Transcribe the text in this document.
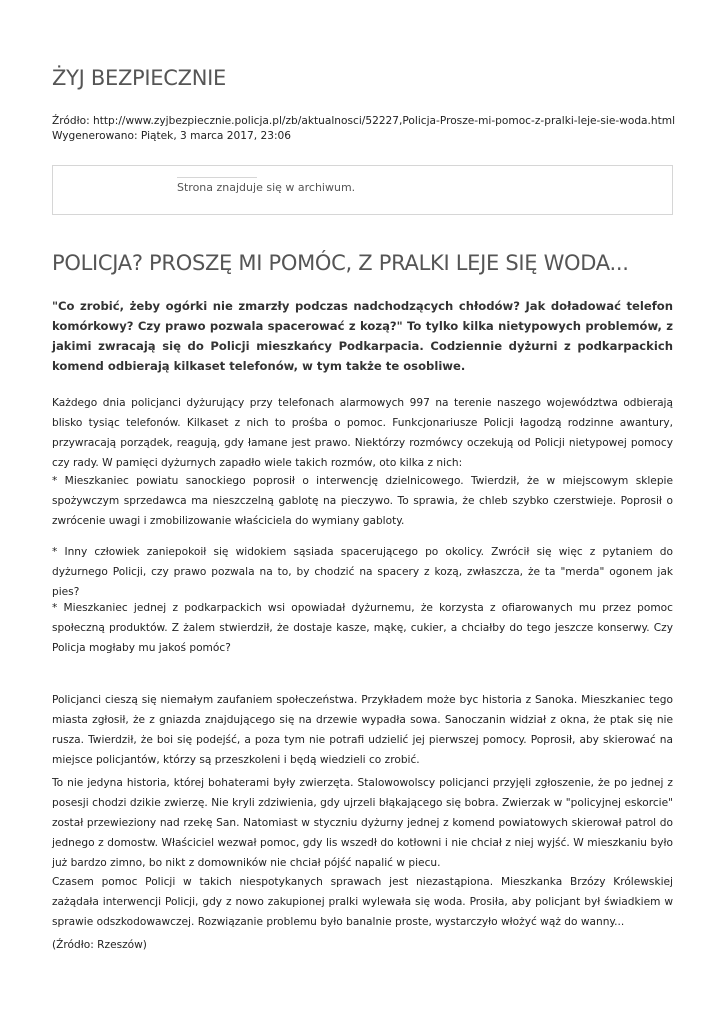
ŻYJ BEZPIECZNIE
Źródło: http://www.zyjbezpiecznie.policja.pl/zb/aktualnosci/52227,Policja-Prosze-mi-pomoc-z-pralki-leje-sie-woda.html
Wygenerowano: Piątek, 3 marca 2017, 23:06
Strona znajduje się w archiwum.
POLICJA? PROSZĘ MI POMÓC, Z PRALKI LEJE SIĘ WODA...

"Co zrobić, żeby ogórki nie zmarzły podczas nadchodzących chłodów? Jak doładować telefon komórkowy? Czy prawo pozwala spacerować z kozą?" To tylko kilka nietypowych problemów, z jakimi zwracają się do Policji mieszkańcy Podkarpacia. Codziennie dyżurni z podkarpackich komend odbierają kilkaset telefonów, w tym także te osobliwe.

Każdego dnia policjanci dyżurujący przy telefonach alarmowych 997 na terenie naszego województwa odbierają blisko tysiąc telefonów. Kilkaset z nich to prośba o pomoc. Funkcjonariusze Policji łagodzą rodzinne awantury, przywracają porządek, reagują, gdy łamane jest prawo. Niektórzy rozmówcy oczekują od Policji nietypowej pomocy czy rady. W pamięci dyżurnych zapadło wiele takich rozmów, oto kilka z nich:

* Mieszkaniec powiatu sanockiego poprosił o interwencję dzielnicowego. Twierdził, że w miejscowym sklepie spożywczym sprzedawca ma nieszczelną gablotę na pieczywo. To sprawia, że chleb szybko czerstwieje. Poprosił o zwrócenie uwagi i zmobilizowanie właściciela do wymiany gabloty.

* Inny człowiek zaniepokoił się widokiem sąsiada spacerującego po okolicy. Zwrócił się więc z pytaniem do dyżurnego Policji, czy prawo pozwala na to, by chodzić na spacery z kozą, zwłaszcza, że ta "merda" ogonem jak pies?

* Mieszkaniec jednej z podkarpackich wsi opowiadał dyżurnemu, że korzysta z ofiarowanych mu przez pomoc społeczną produktów. Z żalem stwierdził, że dostaje kasze, mąkę, cukier, a chciałby do tego jeszcze konserwy. Czy Policja mogłaby mu jakoś pomóc?

Policjanci cieszą się niemałym zaufaniem społeczeństwa. Przykładem może byc historia z Sanoka. Mieszkaniec tego miasta zgłosił, że z gniazda znajdującego się na drzewie wypadła sowa. Sanoczanin widział z okna, że ptak się nie rusza. Twierdził, że boi się podejść, a poza tym nie potrafi udzielić jej pierwszej pomocy. Poprosił, aby skierować na miejsce policjantów, którzy są przeszkoleni i będą wiedzieli co zrobić.

To nie jedyna historia, której bohaterami były zwierzęta. Stalowowolscy policjanci przyjęli zgłoszenie, że po jednej z posesji chodzi dzikie zwierzę. Nie kryli zdziwienia, gdy ujrzeli błąkającego się bobra. Zwierzak w "policyjnej eskorcie" został przewieziony nad rzekę San. Natomiast w styczniu dyżurny jednej z komend powiatowych skierował patrol do jednego z domostw. Właściciel wezwał pomoc, gdy lis wszedł do kotłowni i nie chciał z niej wyjść. W mieszkaniu było już bardzo zimno, bo nikt z domowników nie chciał pójść napalić w piecu.

Czasem pomoc Policji w takich niespotykanych sprawach jest niezastąpiona. Mieszkanka Brzózy Królewskiej zażądała interwencji Policji, gdy z nowo zakupionej pralki wylewała się woda. Prosiła, aby policjant był świadkiem w sprawie odszkodowawczej. Rozwiązanie problemu było banalnie proste, wystarczyło włożyć wąż do wanny...

(Źródło: Rzeszów)
